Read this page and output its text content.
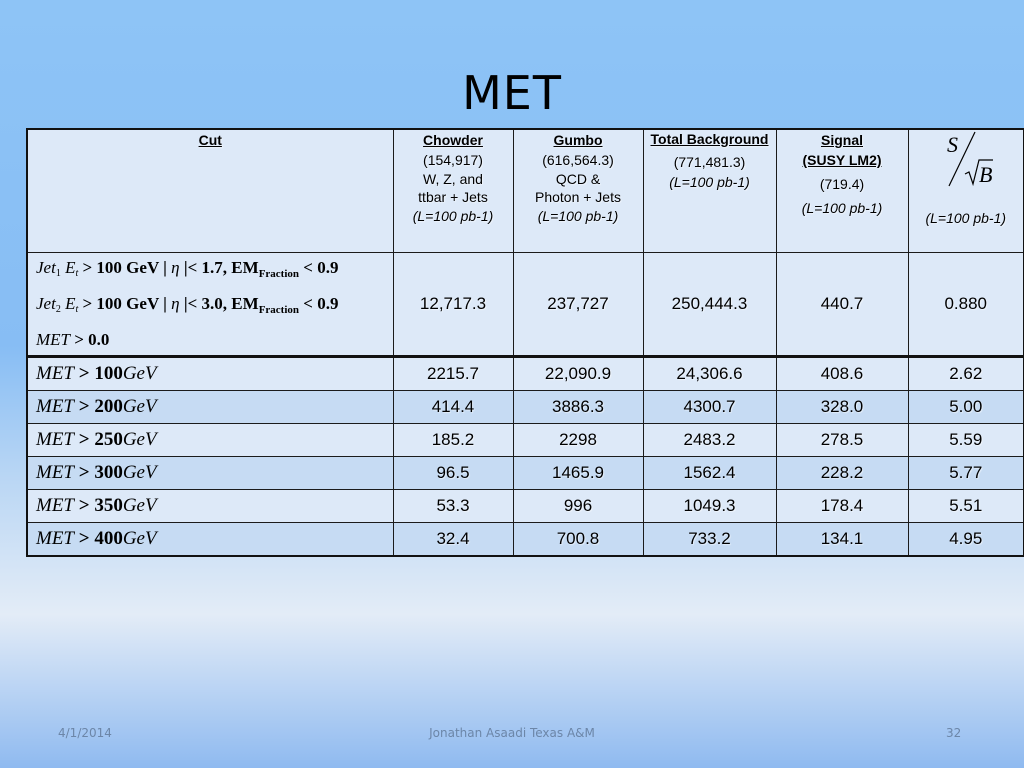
MET
Cut	Chowder
(154,917)
W, Z, and
ttbar + Jets
(L=100 pb-1)	Gumbo
(616,564.3)
QCD &
Photon + Jets
(L=100 pb-1)	Total Background
(771,481.3)
(L=100 pb-1)	Signal
(SUSY LM2)
(719.4)
(L=100 pb-1)	S
B
(L=100 pb-1)

Jet$_1$ $E_t > 100$ GeV | η |< 1.7, $EM_{Fraction} < 0.9$
Jet$_2$ $E_t > 100$ GeV | η |< 3.0, $EM_{Fraction} < 0.9$
MET > 0.0	12,717.3	237,727	250,444.3	440.7	0.880
MET > 100GeV	2215.7	22,090.9	24,306.6	408.6	2.62
MET > 200GeV	414.4	3886.3	4300.7	328.0	5.00
MET > 250GeV	185.2	2298	2483.2	278.5	5.59
MET > 300GeV	96.5	1465.9	1562.4	228.2	5.77
MET > 350GeV	53.3	996	1049.3	178.4	5.51
MET > 400GeV	32.4	700.8	733.2	134.1	4.95
4/1/2014	Jonathan Asaadi Texas A&M	32
